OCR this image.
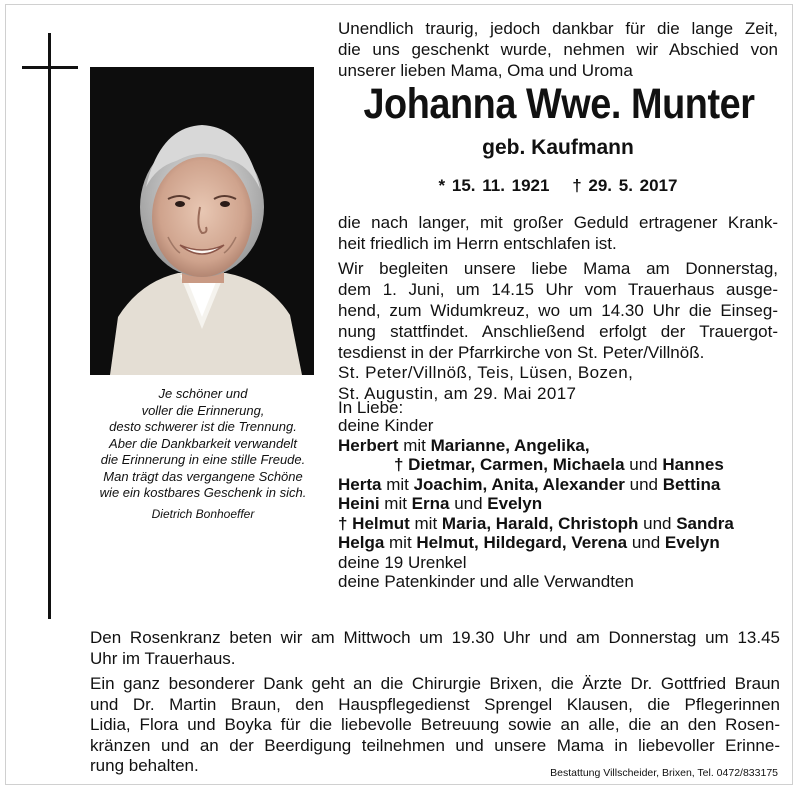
Je schöner und
voller die Erinnerung,
desto schwerer ist die Trennung.
Aber die Dankbarkeit verwandelt
die Erinnerung in eine stille Freude.
Man trägt das vergangene Schöne
wie ein kostbares Geschenk in sich.
Dietrich Bonhoeffer
Unendlich traurig, jedoch dankbar für die lange Zeit,
die uns geschenkt wurde, nehmen wir Abschied von
unserer lieben Mama, Oma und Uroma
Johanna Wwe. Munter
geb. Kaufmann
* 15. 11. 1921 † 29. 5. 2017
die nach langer, mit großer Geduld ertragener Krank-
heit friedlich im Herrn entschlafen ist.
Wir begleiten unsere liebe Mama am Donnerstag,
dem 1. Juni, um 14.15 Uhr vom Trauerhaus ausge-
hend, zum Widumkreuz, wo um 14.30 Uhr die Einseg-
nung stattfindet. Anschließend erfolgt der Trauergot-
tesdienst in der Pfarrkirche von St. Peter/Villnöß.
St. Peter/Villnöß, Teis, Lüsen, Bozen,
St. Augustin, am 29. Mai 2017
In Liebe:
deine Kinder
Herbert mit Marianne, Angelika,
† Dietmar, Carmen, Michaela und Hannes
Herta mit Joachim, Anita, Alexander und Bettina
Heini mit Erna und Evelyn
† Helmut mit Maria, Harald, Christoph und Sandra
Helga mit Helmut, Hildegard, Verena und Evelyn
deine 19 Urenkel
deine Patenkinder und alle Verwandten
Den Rosenkranz beten wir am Mittwoch um 19.30 Uhr und am Donnerstag um 13.45
Uhr im Trauerhaus.
Ein ganz besonderer Dank geht an die Chirurgie Brixen, die Ärzte Dr. Gottfried Braun
und Dr. Martin Braun, den Hauspflegedienst Sprengel Klausen, die Pflegerinnen
Lidia, Flora und Boyka für die liebevolle Betreuung sowie an alle, die an den Rosen-
kränzen und an der Beerdigung teilnehmen und unsere Mama in liebevoller Erinne-
rung behalten.	Bestattung Villscheider, Brixen, Tel. 0472/833175
